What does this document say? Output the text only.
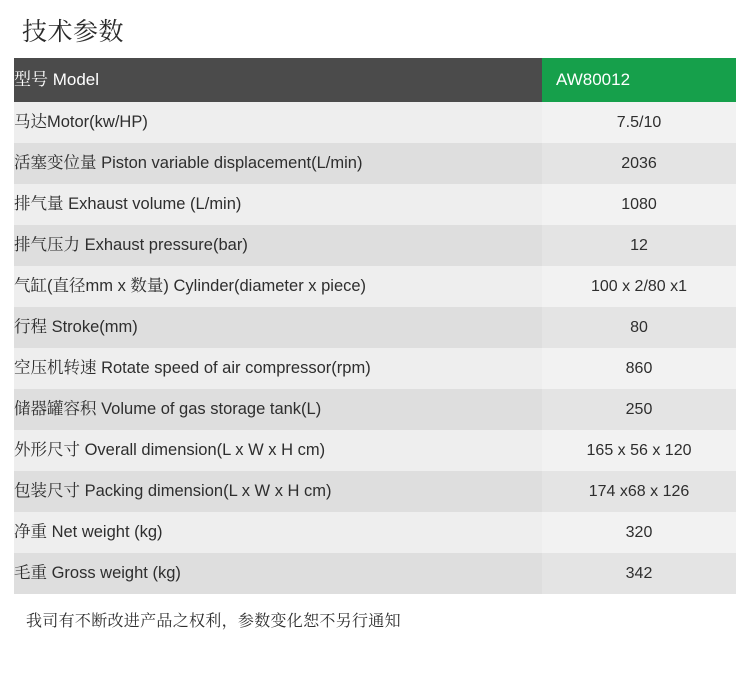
技术参数
型号 Model	AW80012
马达Motor(kw/HP)	7.5/10
活塞变位量 Piston variable displacement(L/min)	2036
排气量 Exhaust volume (L/min)	1080
排气压力 Exhaust pressure(bar)	12
气缸(直径mm x 数量) Cylinder(diameter x piece)	100 x 2/80 x1
行程 Stroke(mm)	80
空压机转速 Rotate speed of air compressor(rpm)	860
储器罐容积 Volume of gas storage tank(L)	250
外形尺寸 Overall dimension(L x W x H cm)	165 x 56 x 120
包装尺寸 Packing dimension(L x W x H cm)	174 x68 x 126
净重 Net weight (kg)	320
毛重 Gross weight (kg)	342
我司有不断改进产品之权利，参数变化恕不另行通知
